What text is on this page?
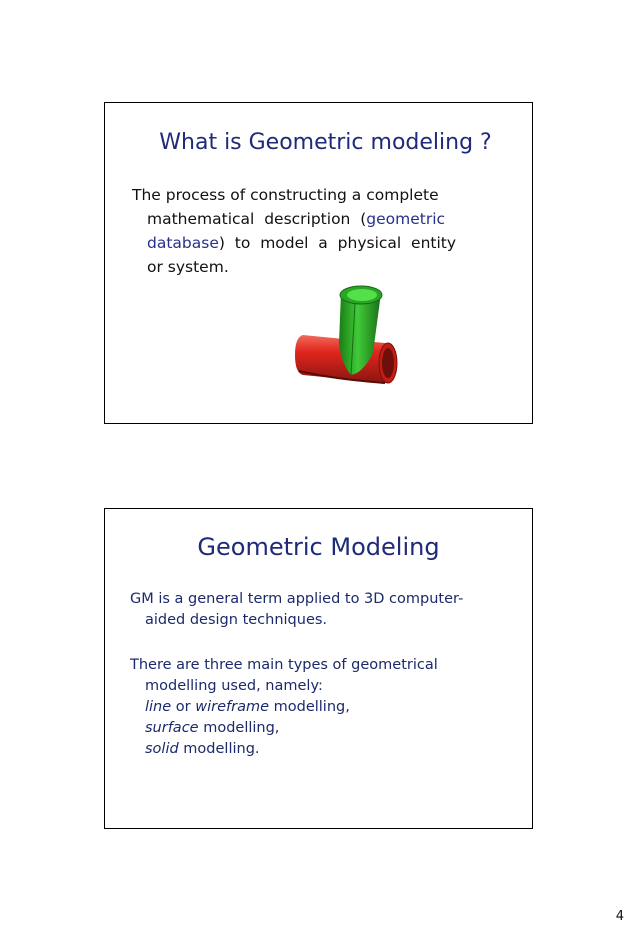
What is Geometric modeling ?
The process of constructing a complete
mathematical  description  (geometric
database)  to  model  a  physical  entity
or system.
Geometric Modeling
GM is a general term applied to 3D computer-
aided design techniques.
There are three main types of geometrical
modelling used, namely:
line or wireframe modelling,
surface modelling,
solid modelling.
4
